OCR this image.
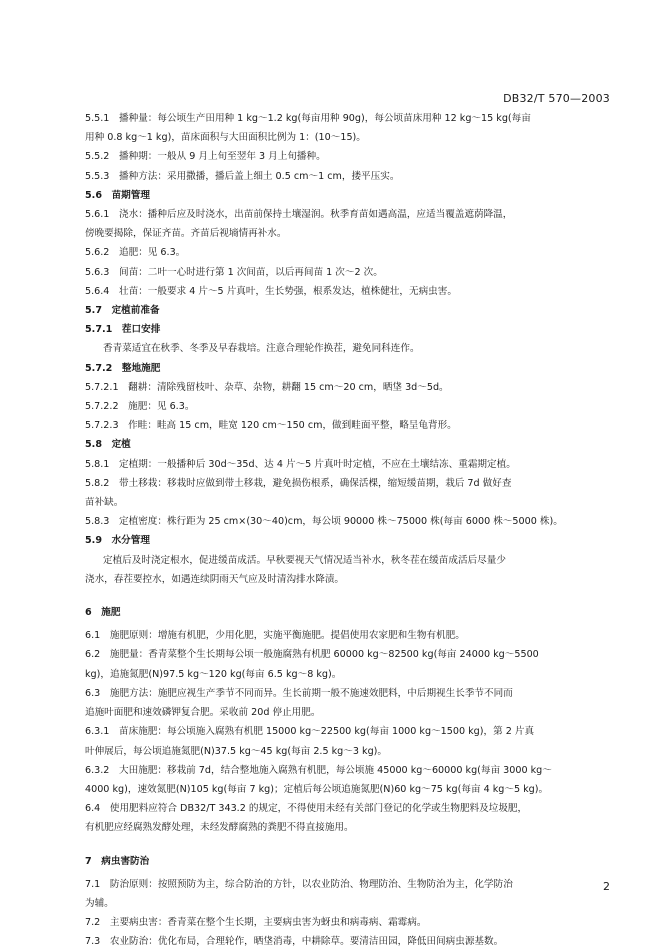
DB32/T 570—2003
5.5.1　播种量：每公顷生产田用种 1 kg～1.2 kg(每亩用种 90g)，每公顷苗床用种 12 kg～15 kg(每亩
用种 0.8 kg～1 kg)，苗床面积与大田面积比例为 1：(10～15)。
5.5.2　播种期：一般从 9 月上旬至翌年 3 月上旬播种。
5.5.3　播种方法：采用撒播，播后盖上细土 0.5 cm～1 cm，搂平压实。
5.6　苗期管理
5.6.1　浇水：播种后应及时浇水，出苗前保持土壤湿润。秋季育苗如遇高温，应适当覆盖遮荫降温，
傍晚要揭除，保证齐苗。齐苗后视墒情再补水。
5.6.2　追肥：见 6.3。
5.6.3　间苗：二叶一心时进行第 1 次间苗，以后再间苗 1 次～2 次。
5.6.4　壮苗：一般要求 4 片～5 片真叶，生长势强，根系发达，植株健壮，无病虫害。
5.7　定植前准备
5.7.1　茬口安排
香青菜适宜在秋季、冬季及早春栽培。注意合理轮作换茬，避免同科连作。
5.7.2　整地施肥
5.7.2.1　翻耕：清除残留枝叶、杂草、杂物，耕翻 15 cm～20 cm，晒垡 3d～5d。
5.7.2.2　施肥：见 6.3。
5.7.2.3　作畦：畦高 15 cm，畦宽 120 cm～150 cm，做到畦面平整，略呈龟背形。
5.8　定植
5.8.1　定植期：一般播种后 30d～35d、达 4 片～5 片真叶时定植，不应在土壤结冻、重霜期定植。
5.8.2　带土移栽：移栽时应做到带土移栽，避免损伤根系，确保活棵，缩短缓苗期，栽后 7d 做好查
苗补缺。
5.8.3　定植密度：株行距为 25 cm×(30～40)cm，每公顷 90000 株～75000 株(每亩 6000 株～5000 株)。
5.9　水分管理
定植后及时浇定根水，促进缓苗成活。早秋要视天气情况适当补水，秋冬茬在缓苗成活后尽量少
浇水，春茬要控水，如遇连续阴雨天气应及时清沟排水降渍。
6　施肥
6.1　施肥原则：增施有机肥，少用化肥，实施平衡施肥。提倡使用农家肥和生物有机肥。
6.2　施肥量：香青菜整个生长期每公顷一般施腐熟有机肥 60000 kg～82500 kg(每亩 24000 kg～5500
kg)，追施氮肥(N)97.5 kg～120 kg(每亩 6.5 kg～8 kg)。
6.3　施肥方法：施肥应视生产季节不同而异。生长前期一般不施速效肥料，中后期视生长季节不同而
追施叶面肥和速效磷钾复合肥。采收前 20d 停止用肥。
6.3.1　苗床施肥：每公顷施入腐熟有机肥 15000 kg～22500 kg(每亩 1000 kg～1500 kg)，第 2 片真
叶伸展后，每公顷追施氮肥(N)37.5 kg～45 kg(每亩 2.5 kg～3 kg)。
6.3.2　大田施肥：移栽前 7d，结合整地施入腐熟有机肥，每公顷施 45000 kg～60000 kg(每亩 3000 kg～
4000 kg)，速效氮肥(N)105 kg(每亩 7 kg)；定植后每公顷追施氮肥(N)60 kg～75 kg(每亩 4 kg～5 kg)。
6.4　使用肥料应符合 DB32/T 343.2 的规定，不得使用未经有关部门登记的化学或生物肥料及垃圾肥，
有机肥应经腐熟发酵处理，未经发酵腐熟的粪肥不得直接施用。
7　病虫害防治
7.1　防治原则：按照预防为主，综合防治的方针，以农业防治、物理防治、生物防治为主，化学防治
为辅。
7.2　主要病虫害：香青菜在整个生长期，主要病虫害为蚜虫和病毒病、霜霉病。
7.3　农业防治：优化布局，合理轮作，晒垡消毒，中耕除草。要清洁田园，降低田间病虫源基数。
2
